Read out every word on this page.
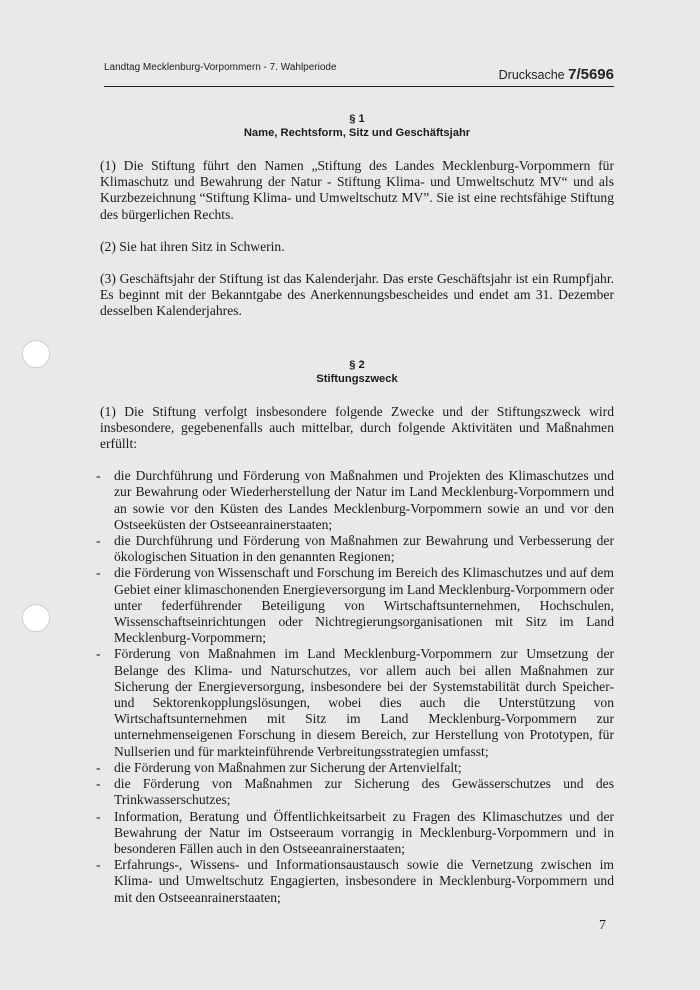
Landtag Mecklenburg-Vorpommern - 7. Wahlperiode
Drucksache 7/5696
§ 1
Name, Rechtsform, Sitz und Geschäftsjahr

(1) Die Stiftung führt den Namen „Stiftung des Landes Mecklenburg-Vorpommern für Klimaschutz und Bewahrung der Natur - Stiftung Klima- und Umweltschutz MV“ und als Kurzbezeichnung “Stiftung Klima- und Umweltschutz MV”. Sie ist eine rechtsfähige Stiftung des bürgerlichen Rechts.

(2) Sie hat ihren Sitz in Schwerin.

(3) Geschäftsjahr der Stiftung ist das Kalenderjahr. Das erste Geschäftsjahr ist ein Rumpfjahr. Es beginnt mit der Bekanntgabe des Anerkennungsbescheides und endet am 31. Dezember desselben Kalenderjahres.

§ 2
Stiftungszweck

(1) Die Stiftung verfolgt insbesondere folgende Zwecke und der Stiftungszweck wird insbesondere, gegebenenfalls auch mittelbar, durch folgende Aktivitäten und Maßnahmen erfüllt:

- die Durchführung und Förderung von Maßnahmen und Projekten des Klimaschutzes und zur Bewahrung oder Wiederherstellung der Natur im Land Mecklenburg-Vorpommern und an sowie vor den Küsten des Landes Mecklenburg-Vorpommern sowie an und vor den Ostseeküsten der Ostseeanrainerstaaten;
- die Durchführung und Förderung von Maßnahmen zur Bewahrung und Verbesserung der ökologischen Situation in den genannten Regionen;
- die Förderung von Wissenschaft und Forschung im Bereich des Klimaschutzes und auf dem Gebiet einer klimaschonenden Energieversorgung im Land Mecklenburg-Vorpommern oder unter federführender Beteiligung von Wirtschaftsunternehmen, Hochschulen, Wissenschaftseinrichtungen oder Nichtregierungsorganisationen mit Sitz im Land Mecklenburg-Vorpommern;
- Förderung von Maßnahmen im Land Mecklenburg-Vorpommern zur Umsetzung der Belange des Klima- und Naturschutzes, vor allem auch bei allen Maßnahmen zur Sicherung der Energieversorgung, insbesondere bei der Systemstabilität durch Speicher- und Sektorenkopplungslösungen, wobei dies auch die Unterstützung von Wirtschaftsunternehmen mit Sitz im Land Mecklenburg-Vorpommern zur unternehmenseigenen Forschung in diesem Bereich, zur Herstellung von Prototypen, für Nullserien und für markteinführende Verbreitungsstrategien umfasst;
- die Förderung von Maßnahmen zur Sicherung der Artenvielfalt;
- die Förderung von Maßnahmen zur Sicherung des Gewässerschutzes und des Trinkwasserschutzes;
- Information, Beratung und Öffentlichkeitsarbeit zu Fragen des Klimaschutzes und der Bewahrung der Natur im Ostseeraum vorrangig in Mecklenburg-Vorpommern und in besonderen Fällen auch in den Ostseeanrainerstaaten;
- Erfahrungs-, Wissens- und Informationsaustausch sowie die Vernetzung zwischen im Klima- und Umweltschutz Engagierten, insbesondere in Mecklenburg-Vorpommern und mit den Ostseeanrainerstaaten;
7
